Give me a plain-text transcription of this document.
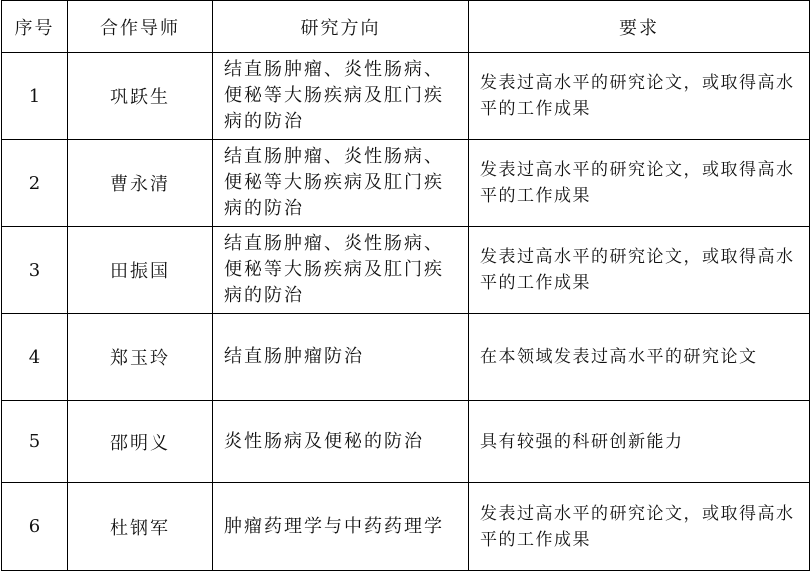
序号	合作导师	研究方向	要求
1	巩跃生	结直肠肿瘤、炎性肠病、便秘等大肠疾病及肛门疾病的防治	发表过高水平的研究论文，或取得高水平的工作成果
2	曹永清	结直肠肿瘤、炎性肠病、便秘等大肠疾病及肛门疾病的防治	发表过高水平的研究论文，或取得高水平的工作成果
3	田振国	结直肠肿瘤、炎性肠病、便秘等大肠疾病及肛门疾病的防治	发表过高水平的研究论文，或取得高水平的工作成果
4	郑玉玲	结直肠肿瘤防治	在本领域发表过高水平的研究论文
5	邵明义	炎性肠病及便秘的防治	具有较强的科研创新能力
6	杜钢军	肿瘤药理学与中药药理学	发表过高水平的研究论文，或取得高水平的工作成果
